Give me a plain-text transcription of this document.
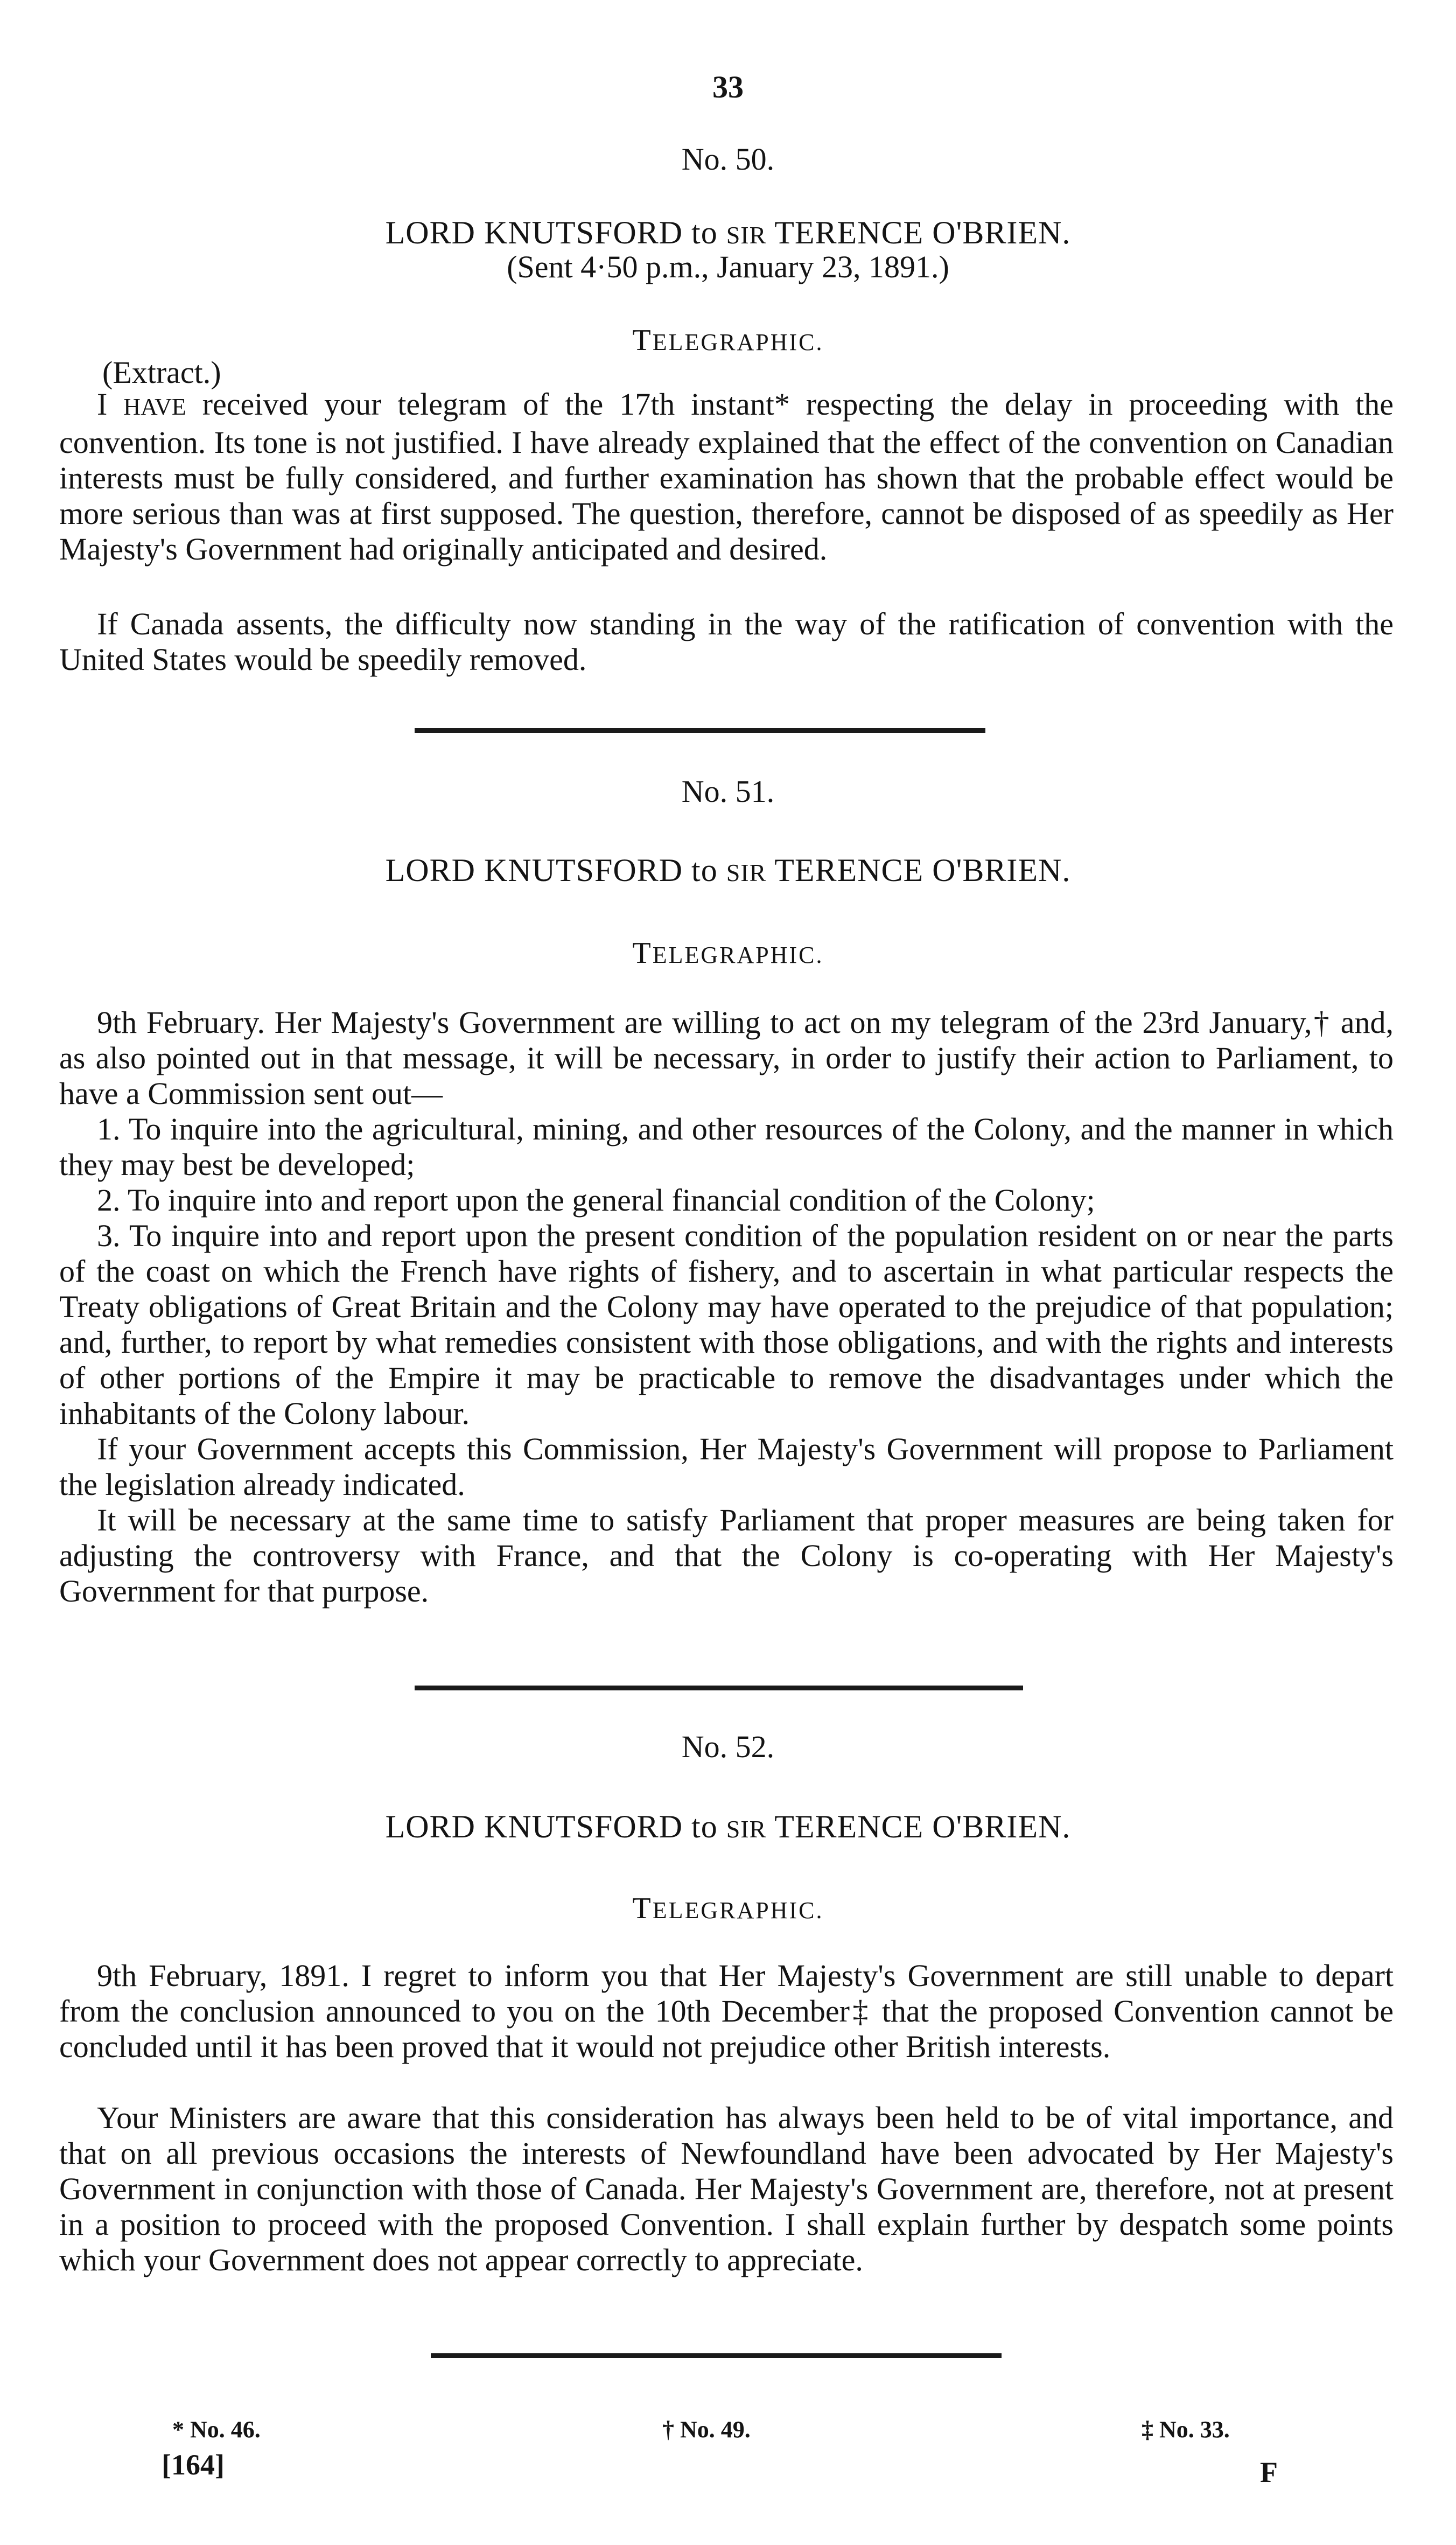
33
No. 50.
LORD KNUTSFORD to SIR TERENCE O'BRIEN.
(Sent 4·50 p.m., January 23, 1891.)
TELEGRAPHIC.
(Extract.)

I HAVE received your telegram of the 17th instant* respecting the delay in proceeding with the convention. Its tone is not justified. I have already explained that the effect of the convention on Canadian interests must be fully considered, and further examination has shown that the probable effect would be more serious than was at first supposed. The question, therefore, cannot be disposed of as speedily as Her Majesty's Government had originally anticipated and desired.

If Canada assents, the difficulty now standing in the way of the ratification of convention with the United States would be speedily removed.

No. 51.
LORD KNUTSFORD to SIR TERENCE O'BRIEN.
TELEGRAPHIC.

9th February. Her Majesty's Government are willing to act on my telegram of the 23rd January,† and, as also pointed out in that message, it will be necessary, in order to justify their action to Parliament, to have a Commission sent out—

1. To inquire into the agricultural, mining, and other resources of the Colony, and the manner in which they may best be developed;

2. To inquire into and report upon the general financial condition of the Colony;

3. To inquire into and report upon the present condition of the population resident on or near the parts of the coast on which the French have rights of fishery, and to ascertain in what particular respects the Treaty obligations of Great Britain and the Colony may have operated to the prejudice of that population; and, further, to report by what remedies consistent with those obligations, and with the rights and interests of other portions of the Empire it may be practicable to remove the disadvantages under which the inhabitants of the Colony labour.

If your Government accepts this Commission, Her Majesty's Government will propose to Parliament the legislation already indicated.

It will be necessary at the same time to satisfy Parliament that proper measures are being taken for adjusting the controversy with France, and that the Colony is co-operating with Her Majesty's Government for that purpose.

No. 52.
LORD KNUTSFORD to SIR TERENCE O'BRIEN.
TELEGRAPHIC.

9th February, 1891. I regret to inform you that Her Majesty's Government are still unable to depart from the conclusion announced to you on the 10th December‡ that the proposed Convention cannot be concluded until it has been proved that it would not prejudice other British interests.

Your Ministers are aware that this consideration has always been held to be of vital importance, and that on all previous occasions the interests of Newfoundland have been advocated by Her Majesty's Government in conjunction with those of Canada. Her Majesty's Government are, therefore, not at present in a position to proceed with the proposed Convention. I shall explain further by despatch some points which your Government does not appear correctly to appreciate.

* No. 46.	† No. 49.	‡ No. 33.
[164]	F
